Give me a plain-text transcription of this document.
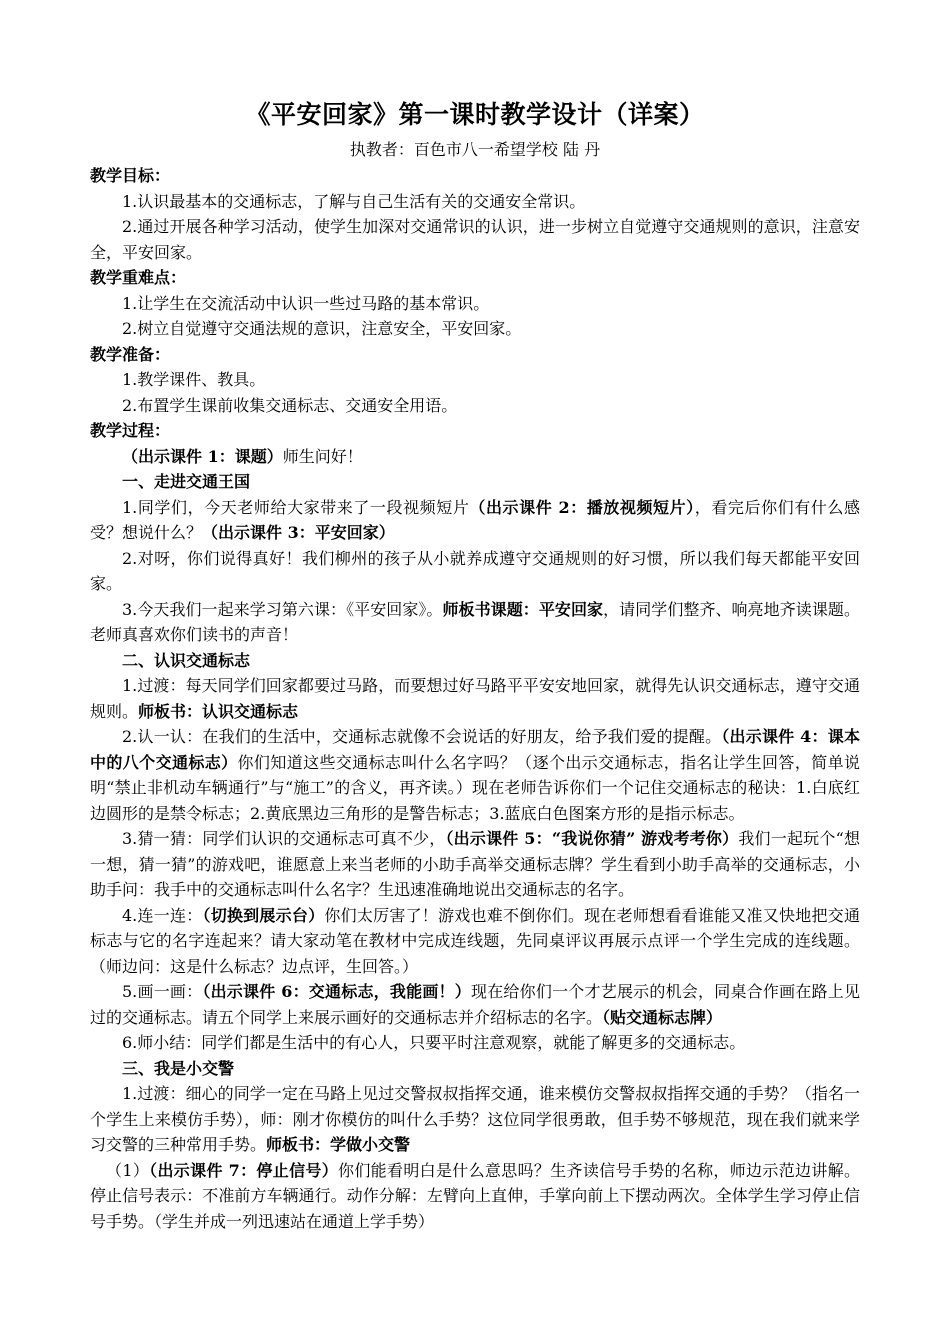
《平安回家》第一课时教学设计（详案）
执教者：百色市八一希望学校 陆 丹
教学目标：
1.认识最基本的交通标志，了解与自己生活有关的交通安全常识。
2.通过开展各种学习活动，使学生加深对交通常识的认识，进一步树立自觉遵守交通规则的意识，注意安全，平安回家。
教学重难点：
1.让学生在交流活动中认识一些过马路的基本常识。
2.树立自觉遵守交通法规的意识，注意安全，平安回家。
教学准备：
1.教学课件、教具。
2.布置学生课前收集交通标志、交通安全用语。
教学过程：
（出示课件 1：课题）师生问好！
一、走进交通王国
1.同学们，今天老师给大家带来了一段视频短片（出示课件 2：播放视频短片），看完后你们有什么感受？想说什么？（出示课件 3：平安回家）
2.对呀，你们说得真好！我们柳州的孩子从小就养成遵守交通规则的好习惯，所以我们每天都能平安回家。
3.今天我们一起来学习第六课：《平安回家》。师板书课题：平安回家，请同学们整齐、响亮地齐读课题。老师真喜欢你们读书的声音！
二、认识交通标志
1.过渡：每天同学们回家都要过马路，而要想过好马路平平安安地回家，就得先认识交通标志，遵守交通规则。师板书：认识交通标志
2.认一认：在我们的生活中，交通标志就像不会说话的好朋友，给予我们爱的提醒。（出示课件 4：课本中的八个交通标志）你们知道这些交通标志叫什么名字吗？（逐个出示交通标志，指名让学生回答，简单说明“禁止非机动车辆通行”与“施工”的含义，再齐读。）现在老师告诉你们一个记住交通标志的秘诀：1.白底红边圆形的是禁令标志；2.黄底黑边三角形的是警告标志；3.蓝底白色图案方形的是指示标志。
3.猜一猜：同学们认识的交通标志可真不少，（出示课件 5：“我说你猜” 游戏考考你）我们一起玩个“想一想，猜一猜”的游戏吧，谁愿意上来当老师的小助手高举交通标志牌？学生看到小助手高举的交通标志，小助手问：我手中的交通标志叫什么名字？生迅速准确地说出交通标志的名字。
4.连一连：（切换到展示台）你们太厉害了！游戏也难不倒你们。现在老师想看看谁能又准又快地把交通标志与它的名字连起来？请大家动笔在教材中完成连线题，先同桌评议再展示点评一个学生完成的连线题。（师边问：这是什么标志？边点评，生回答。）
5.画一画：（出示课件 6：交通标志，我能画！）现在给你们一个才艺展示的机会，同桌合作画在路上见过的交通标志。请五个同学上来展示画好的交通标志并介绍标志的名字。（贴交通标志牌）
6.师小结：同学们都是生活中的有心人，只要平时注意观察，就能了解更多的交通标志。
三、我是小交警
1.过渡：细心的同学一定在马路上见过交警叔叔指挥交通，谁来模仿交警叔叔指挥交通的手势？（指名一个学生上来模仿手势），师：刚才你模仿的叫什么手势？这位同学很勇敢，但手势不够规范，现在我们就来学习交警的三种常用手势。师板书：学做小交警
（1）（出示课件 7：停止信号）你们能看明白是什么意思吗？生齐读信号手势的名称，师边示范边讲解。停止信号表示：不准前方车辆通行。动作分解：左臂向上直伸，手掌向前上下摆动两次。全体学生学习停止信号手势。（学生并成一列迅速站在通道上学手势）
